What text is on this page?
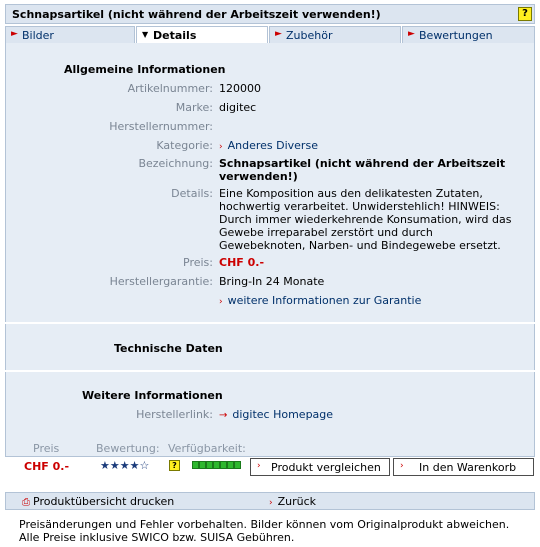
Schnapsartikel (nicht während der Arbeitszeit verwenden!)	?
► Bilder	▼ Details	► Zubehör	► Bewertungen
Allgemeine Informationen
Artikelnummer: 120000
Marke: digitec
Herstellernummer:
Kategorie: › Anderes Diverse
Bezeichnung: Schnapsartikel (nicht während der Arbeitszeit verwenden!)
Details: Eine Komposition aus den delikatesten Zutaten, hochwertig verarbeitet. Unwiderstehlich! HINWEIS: Durch immer wiederkehrende Konsumation, wird das Gewebe irreparabel zerstört und durch Gewebeknoten, Narben- und Bindegewebe ersetzt.
Preis: CHF 0.-
Herstellergarantie: Bring-In 24 Monate
› weitere Informationen zur Garantie
Technische Daten
Weitere Informationen
Herstellerlink: → digitec Homepage
Preis	Bewertung: Verfügbarkeit:
CHF 0.-	★★★★☆	?	› Produkt vergleichen › In den Warenkorb
⎙ Produktübersicht drucken	› Zurück
Preisänderungen und Fehler vorbehalten. Bilder können vom Originalprodukt abweichen.
Alle Preise inklusive SWICO bzw. SUISA Gebühren.
